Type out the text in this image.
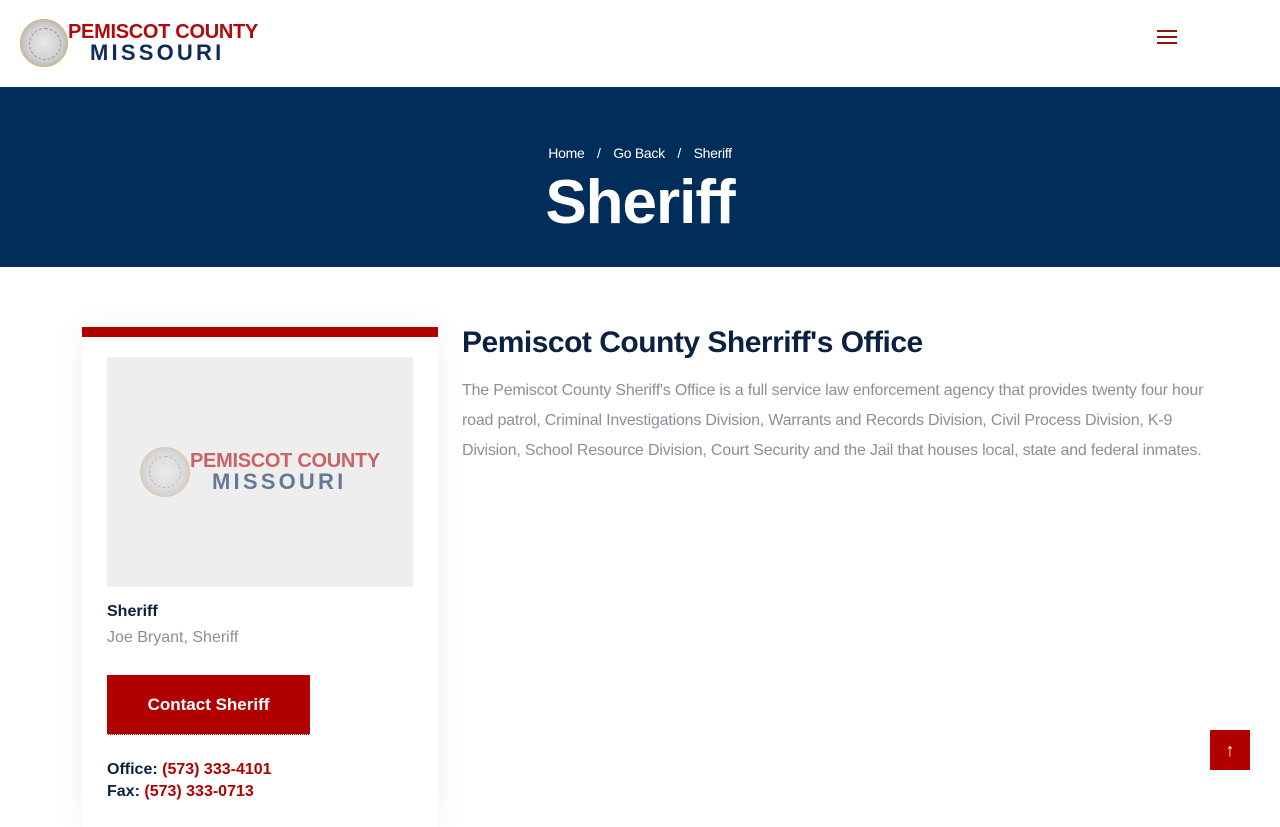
PEMISCOT COUNTY
MISSOURI
Home / Go Back / Sheriff
Sheriff
PEMISCOT COUNTY
MISSOURI
Sheriff
Joe Bryant, Sheriff
Contact Sheriff
Office: (573) 333-4101
Fax: (573) 333-0713
Pemiscot County Sherriff's Office

The Pemiscot County Sheriff's Office is a full service law enforcement agency that provides twenty four hour road patrol, Criminal Investigations Division, Warrants and Records Division, Civil Process Division, K-9 Division, School Resource Division, Court Security and the Jail that houses local, state and federal inmates.

↑
